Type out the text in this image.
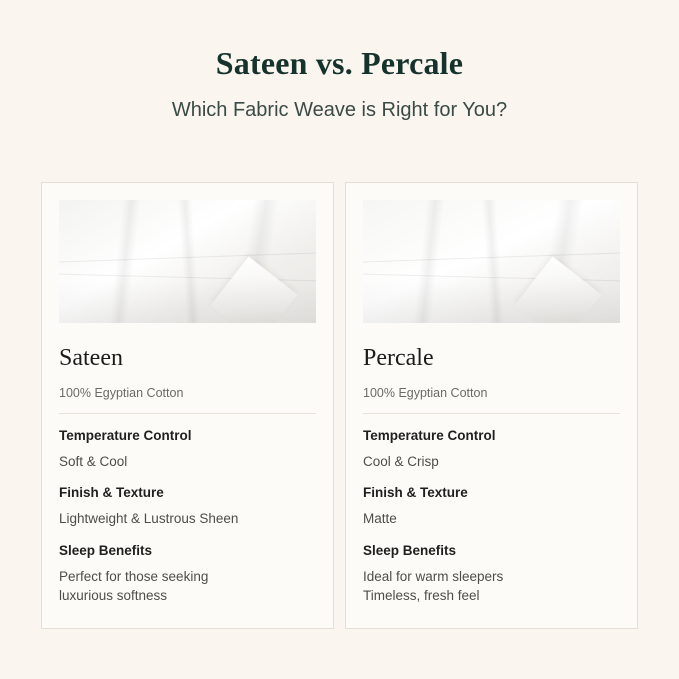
Sateen vs. Percale

Which Fabric Weave is Right for You?

Sateen
100% Egyptian Cotton
Temperature Control
Soft & Cool
Finish & Texture
Lightweight & Lustrous Sheen
Sleep Benefits
Perfect for those seeking
luxurious softness
Percale
100% Egyptian Cotton
Temperature Control
Cool & Crisp
Finish & Texture
Matte
Sleep Benefits
Ideal for warm sleepers
Timeless, fresh feel
